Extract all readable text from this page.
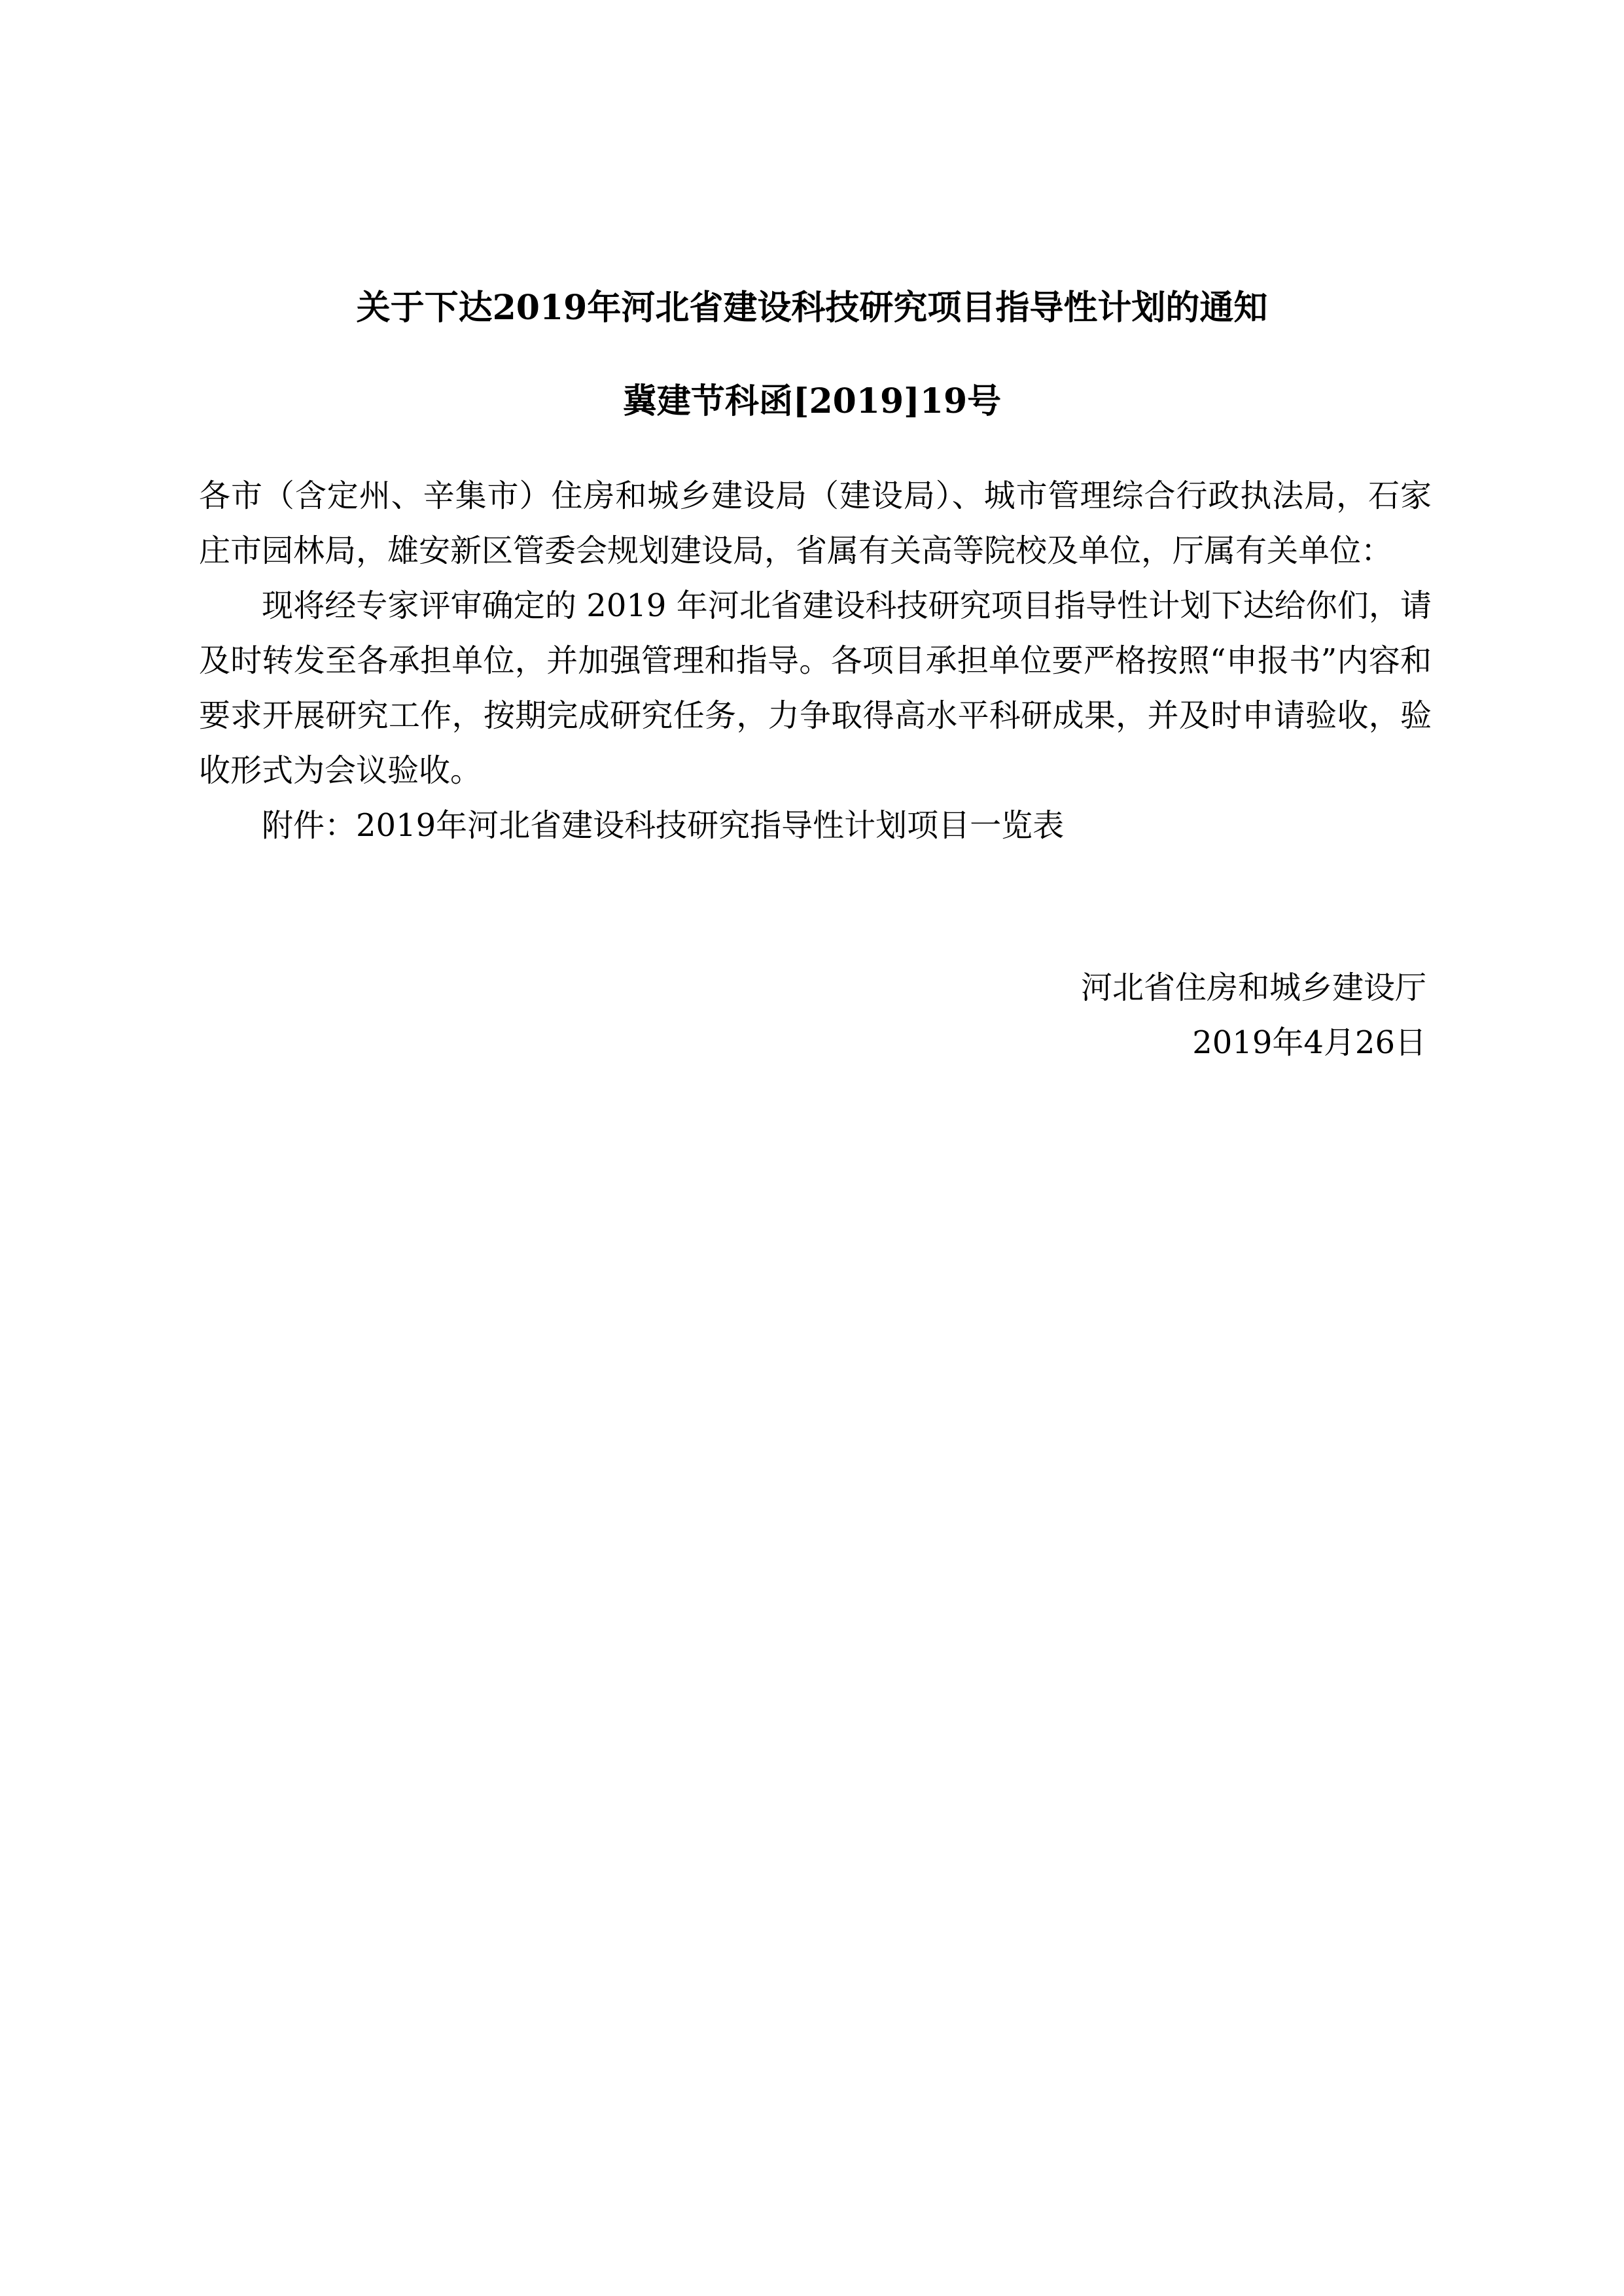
关于下达2019年河北省建设科技研究项目指导性计划的通知
冀建节科函[2019]19号

各市（含定州、辛集市）住房和城乡建设局（建设局）、城市管理综合行政执法局，石家庄市园林局，雄安新区管委会规划建设局，省属有关高等院校及单位，厅属有关单位：

现将经专家评审确定的 2019 年河北省建设科技研究项目指导性计划下达给你们，请及时转发至各承担单位，并加强管理和指导。各项目承担单位要严格按照“申报书”内容和要求开展研究工作，按期完成研究任务，力争取得高水平科研成果，并及时申请验收，验收形式为会议验收。

附件：2019年河北省建设科技研究指导性计划项目一览表

河北省住房和城乡建设厅
2019年4月26日
